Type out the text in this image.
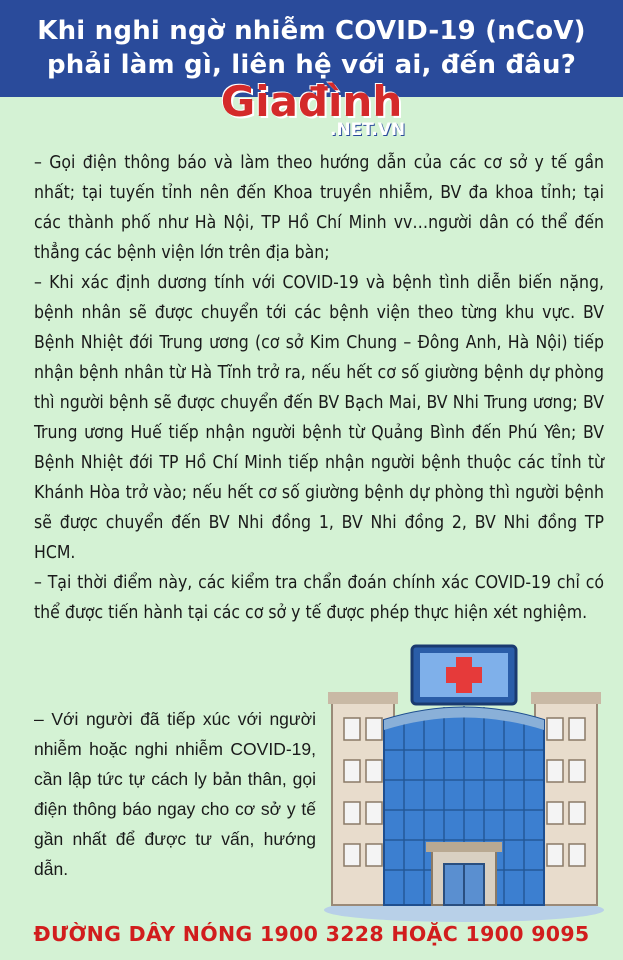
Khi nghi ngờ nhiễm COVID-19 (nCoV)
phải làm gì, liên hệ với ai, đến đâu?
Giađình
.NET.VN

– Gọi điện thông báo và làm theo hướng dẫn của các cơ sở y tế gần nhất; tại tuyến tỉnh nên đến Khoa truyền nhiễm, BV đa khoa tỉnh; tại các thành phố như Hà Nội, TP Hồ Chí Minh vv…người dân có thể đến thẳng các bệnh viện lớn trên địa bàn;

– Khi xác định dương tính với COVID-19 và bệnh tình diễn biến nặng, bệnh nhân sẽ được chuyển tới các bệnh viện theo từng khu vực. BV Bệnh Nhiệt đới Trung ương (cơ sở Kim Chung – Đông Anh, Hà Nội) tiếp nhận bệnh nhân từ Hà Tĩnh trở ra, nếu hết cơ số giường bệnh dự phòng thì người bệnh sẽ được chuyển đến BV Bạch Mai, BV Nhi Trung ương; BV Trung ương Huế tiếp nhận người bệnh từ Quảng Bình đến Phú Yên; BV Bệnh Nhiệt đới TP Hồ Chí Minh tiếp nhận người bệnh thuộc các tỉnh từ Khánh Hòa trở vào; nếu hết cơ số giường bệnh dự phòng thì người bệnh sẽ được chuyển đến BV Nhi đồng 1, BV Nhi đồng 2, BV Nhi đồng TP HCM.

– Tại thời điểm này, các kiểm tra chẩn đoán chính xác COVID-19 chỉ có thể được tiến hành tại các cơ sở y tế được phép thực hiện xét nghiệm.

– Với người đã tiếp xúc với người nhiễm hoặc nghi nhiễm COVID-19, cần lập tức tự cách ly bản thân, gọi điện thông báo ngay cho cơ sở y tế gần nhất để được tư vấn, hướng dẫn.
ĐƯỜNG DÂY NÓNG 1900 3228 HOẶC 1900 9095
